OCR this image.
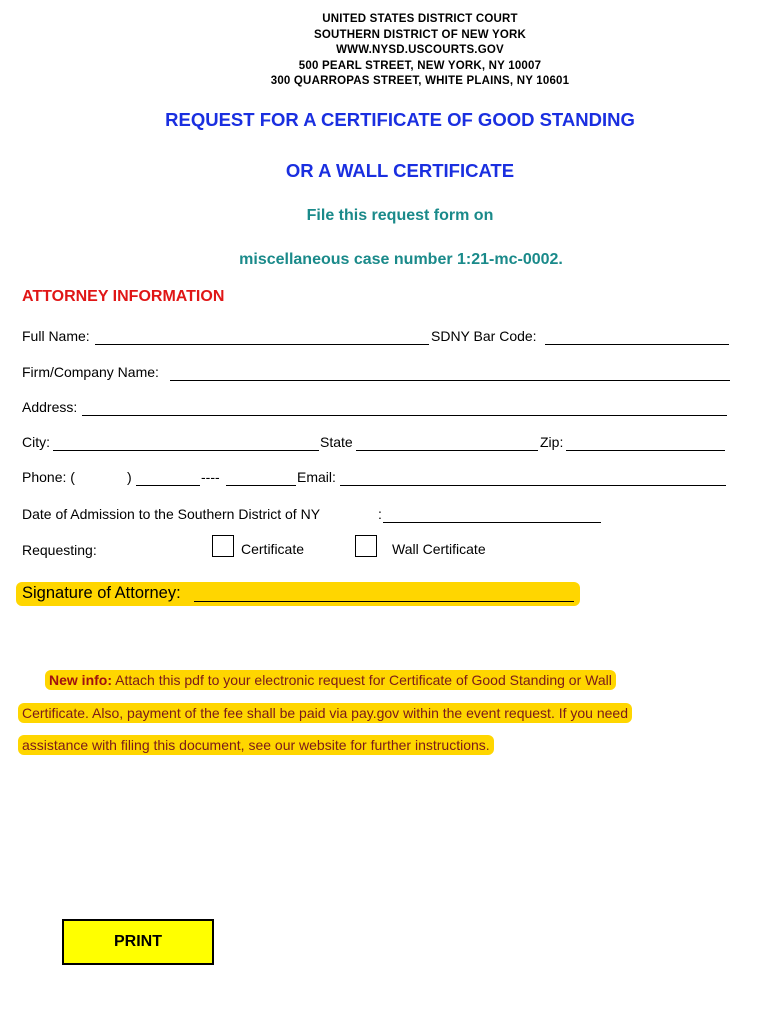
UNITED STATES DISTRICT COURT
SOUTHERN DISTRICT OF NEW YORK
WWW.NYSD.USCOURTS.GOV
500 PEARL STREET, NEW YORK, NY 10007
300 QUARROPAS STREET, WHITE PLAINS, NY 10601
REQUEST FOR A CERTIFICATE OF GOOD STANDING
OR A WALL CERTIFICATE
File this request form on
miscellaneous case number 1:21-mc-0002.
ATTORNEY INFORMATION
Full Name:	SDNY Bar Code:
Firm/Company Name:
Address:
City:	State	Zip:
Phone: (	)	----	Email:
Date of Admission to the Southern District of NY	:
Requesting:	Certificate	Wall Certificate
Signature of Attorney:
New info: Attach this pdf to your electronic request for Certificate of Good Standing or Wall
Certificate. Also, payment of the fee shall be paid via pay.gov within the event request. If you need
assistance with filing this document, see our website for further instructions.
PRINT
